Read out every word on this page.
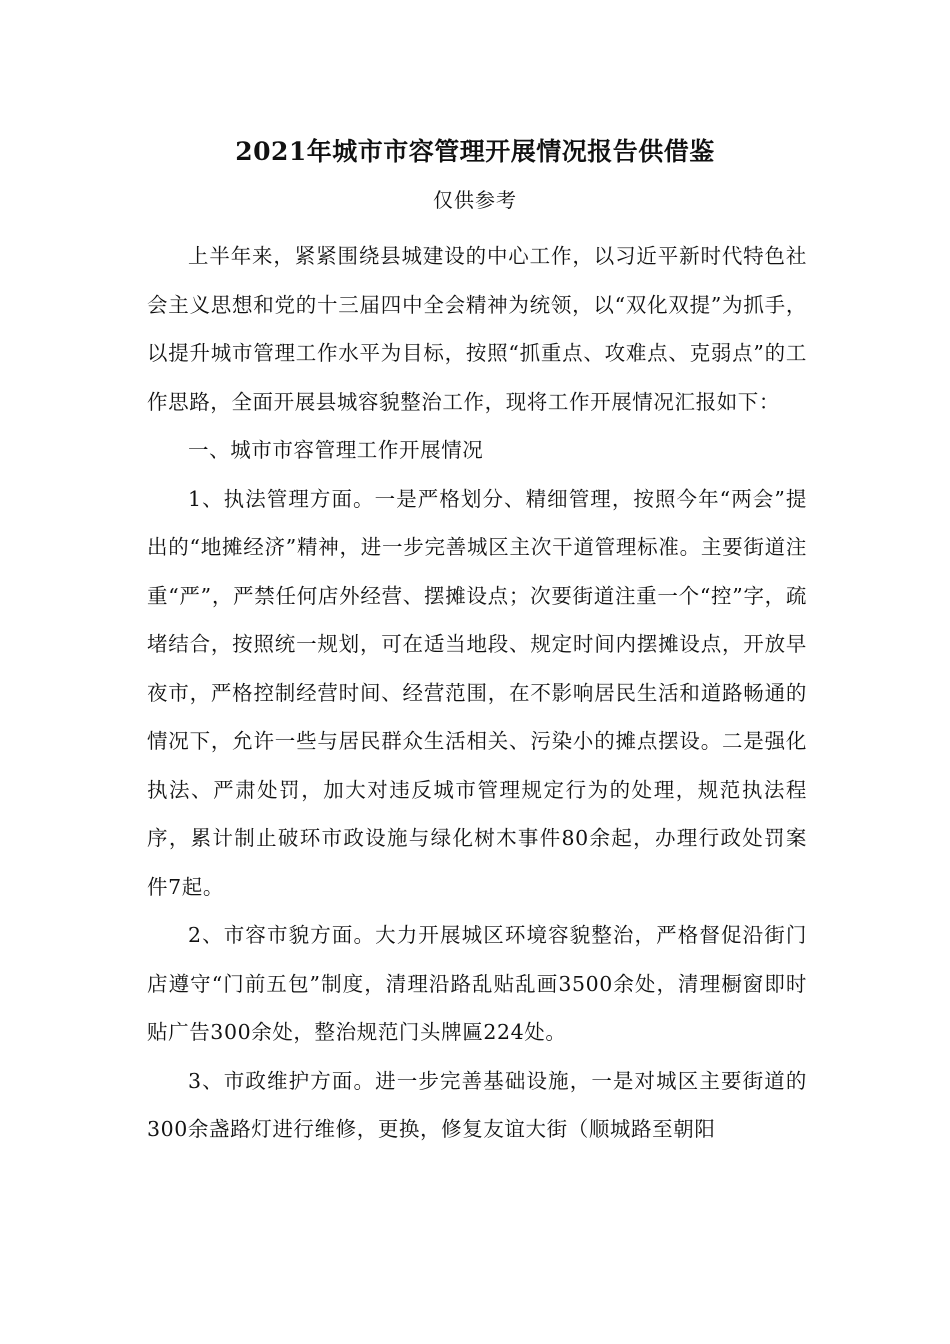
2021年城市市容管理开展情况报告供借鉴
仅供参考

上半年来，紧紧围绕县城建设的中心工作，以习近平新时代特色社会主义思想和党的十三届四中全会精神为统领，以“双化双提”为抓手，以提升城市管理工作水平为目标，按照“抓重点、攻难点、克弱点”的工作思路，全面开展县城容貌整治工作，现将工作开展情况汇报如下：

一、城市市容管理工作开展情况

1、执法管理方面。一是严格划分、精细管理，按照今年“两会”提出的“地摊经济”精神，进一步完善城区主次干道管理标准。主要街道注重“严”，严禁任何店外经营、摆摊设点；次要街道注重一个“控”字，疏堵结合，按照统一规划，可在适当地段、规定时间内摆摊设点，开放早夜市，严格控制经营时间、经营范围，在不影响居民生活和道路畅通的情况下，允许一些与居民群众生活相关、污染小的摊点摆设。二是强化执法、严肃处罚，加大对违反城市管理规定行为的处理，规范执法程序，累计制止破环市政设施与绿化树木事件80余起，办理行政处罚案件7起。

2、市容市貌方面。大力开展城区环境容貌整治，严格督促沿街门店遵守“门前五包”制度，清理沿路乱贴乱画3500余处，清理橱窗即时贴广告300余处，整治规范门头牌匾224处。

3、市政维护方面。进一步完善基础设施，一是对城区主要街道的300余盏路灯进行维修，更换，修复友谊大街（顺城路至朝阳
